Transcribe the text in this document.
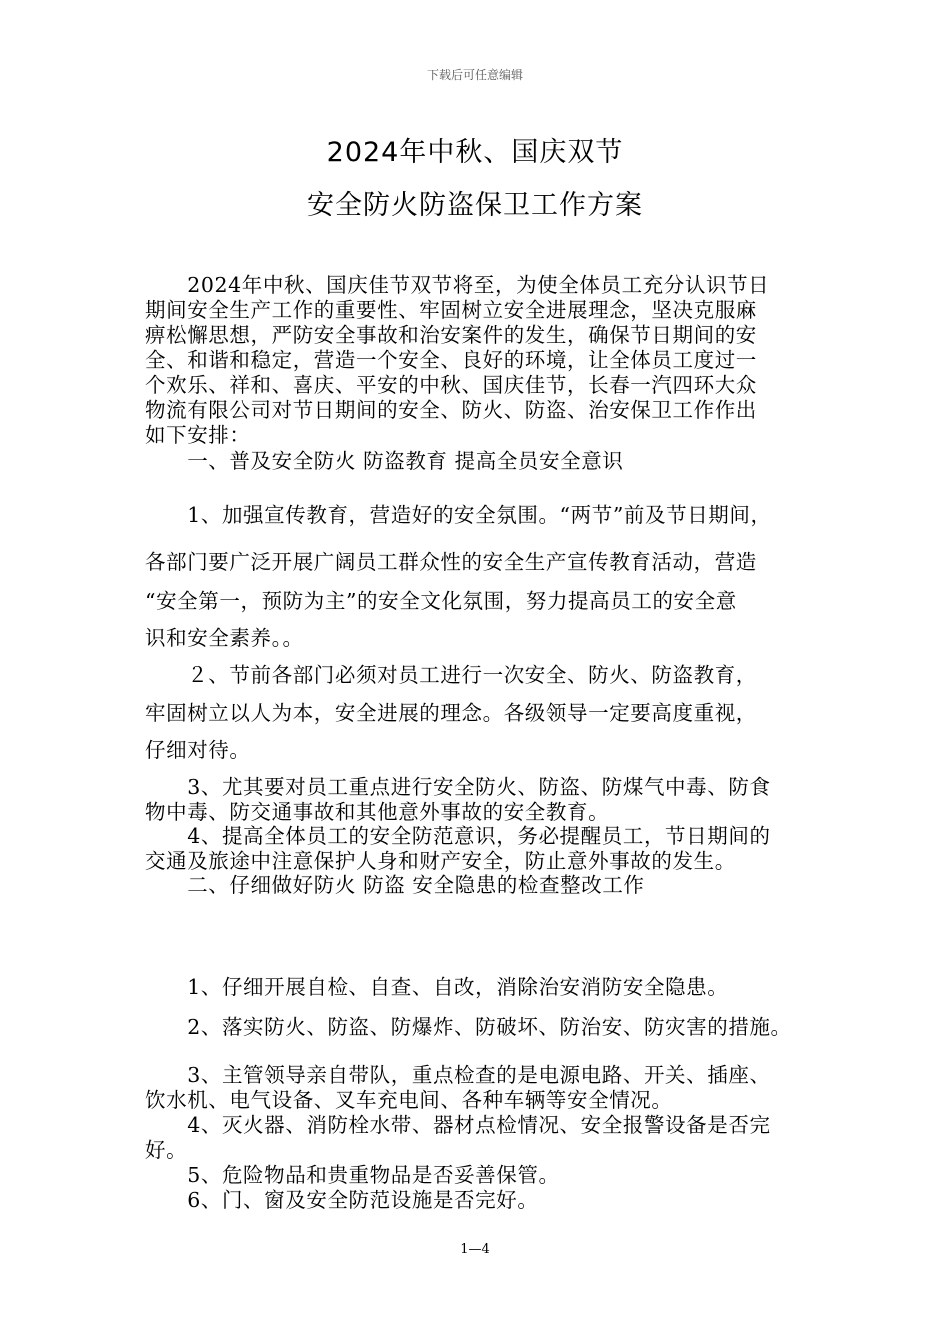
下载后可任意编辑
2024年中秋、国庆双节
安全防火防盗保卫工作方案
　　2024年中秋、国庆佳节双节将至，为使全体员工充分认识节日
期间安全生产工作的重要性、牢固树立安全进展理念，坚决克服麻
痹松懈思想，严防安全事故和治安案件的发生，确保节日期间的安
全、和谐和稳定，营造一个安全、良好的环境，让全体员工度过一
个欢乐、祥和、喜庆、平安的中秋、国庆佳节，长春一汽四环大众
物流有限公司对节日期间的安全、防火、防盗、治安保卫工作作出
如下安排：
　　一、普及安全防火 防盗教育 提高全员安全意识
　　1、加强宣传教育，营造好的安全氛围。“两节”前及节日期间，
各部门要广泛开展广阔员工群众性的安全生产宣传教育活动，营造
“安全第一，预防为主”的安全文化氛围，努力提高员工的安全意
识和安全素养。。
　　２、节前各部门必须对员工进行一次安全、防火、防盗教育，
牢固树立以人为本，安全进展的理念。各级领导一定要高度重视，
仔细对待。
　　3、尤其要对员工重点进行安全防火、防盗、防煤气中毒、防食
物中毒、防交通事故和其他意外事故的安全教育。
　　4、提高全体员工的安全防范意识，务必提醒员工，节日期间的
交通及旅途中注意保护人身和财产安全，防止意外事故的发生。
　　二、仔细做好防火 防盗 安全隐患的检查整改工作
　　1、仔细开展自检、自查、自改，消除治安消防安全隐患。
　　2、落实防火、防盗、防爆炸、防破坏、防治安、防灾害的措施。
　　3、主管领导亲自带队，重点检查的是电源电路、开关、插座、
饮水机、电气设备、叉车充电间、各种车辆等安全情况。
　　4、灭火器、消防栓水带、器材点检情况、安全报警设备是否完
好。
　　5、危险物品和贵重物品是否妥善保管。
　　6、门、窗及安全防范设施是否完好。
1—4
